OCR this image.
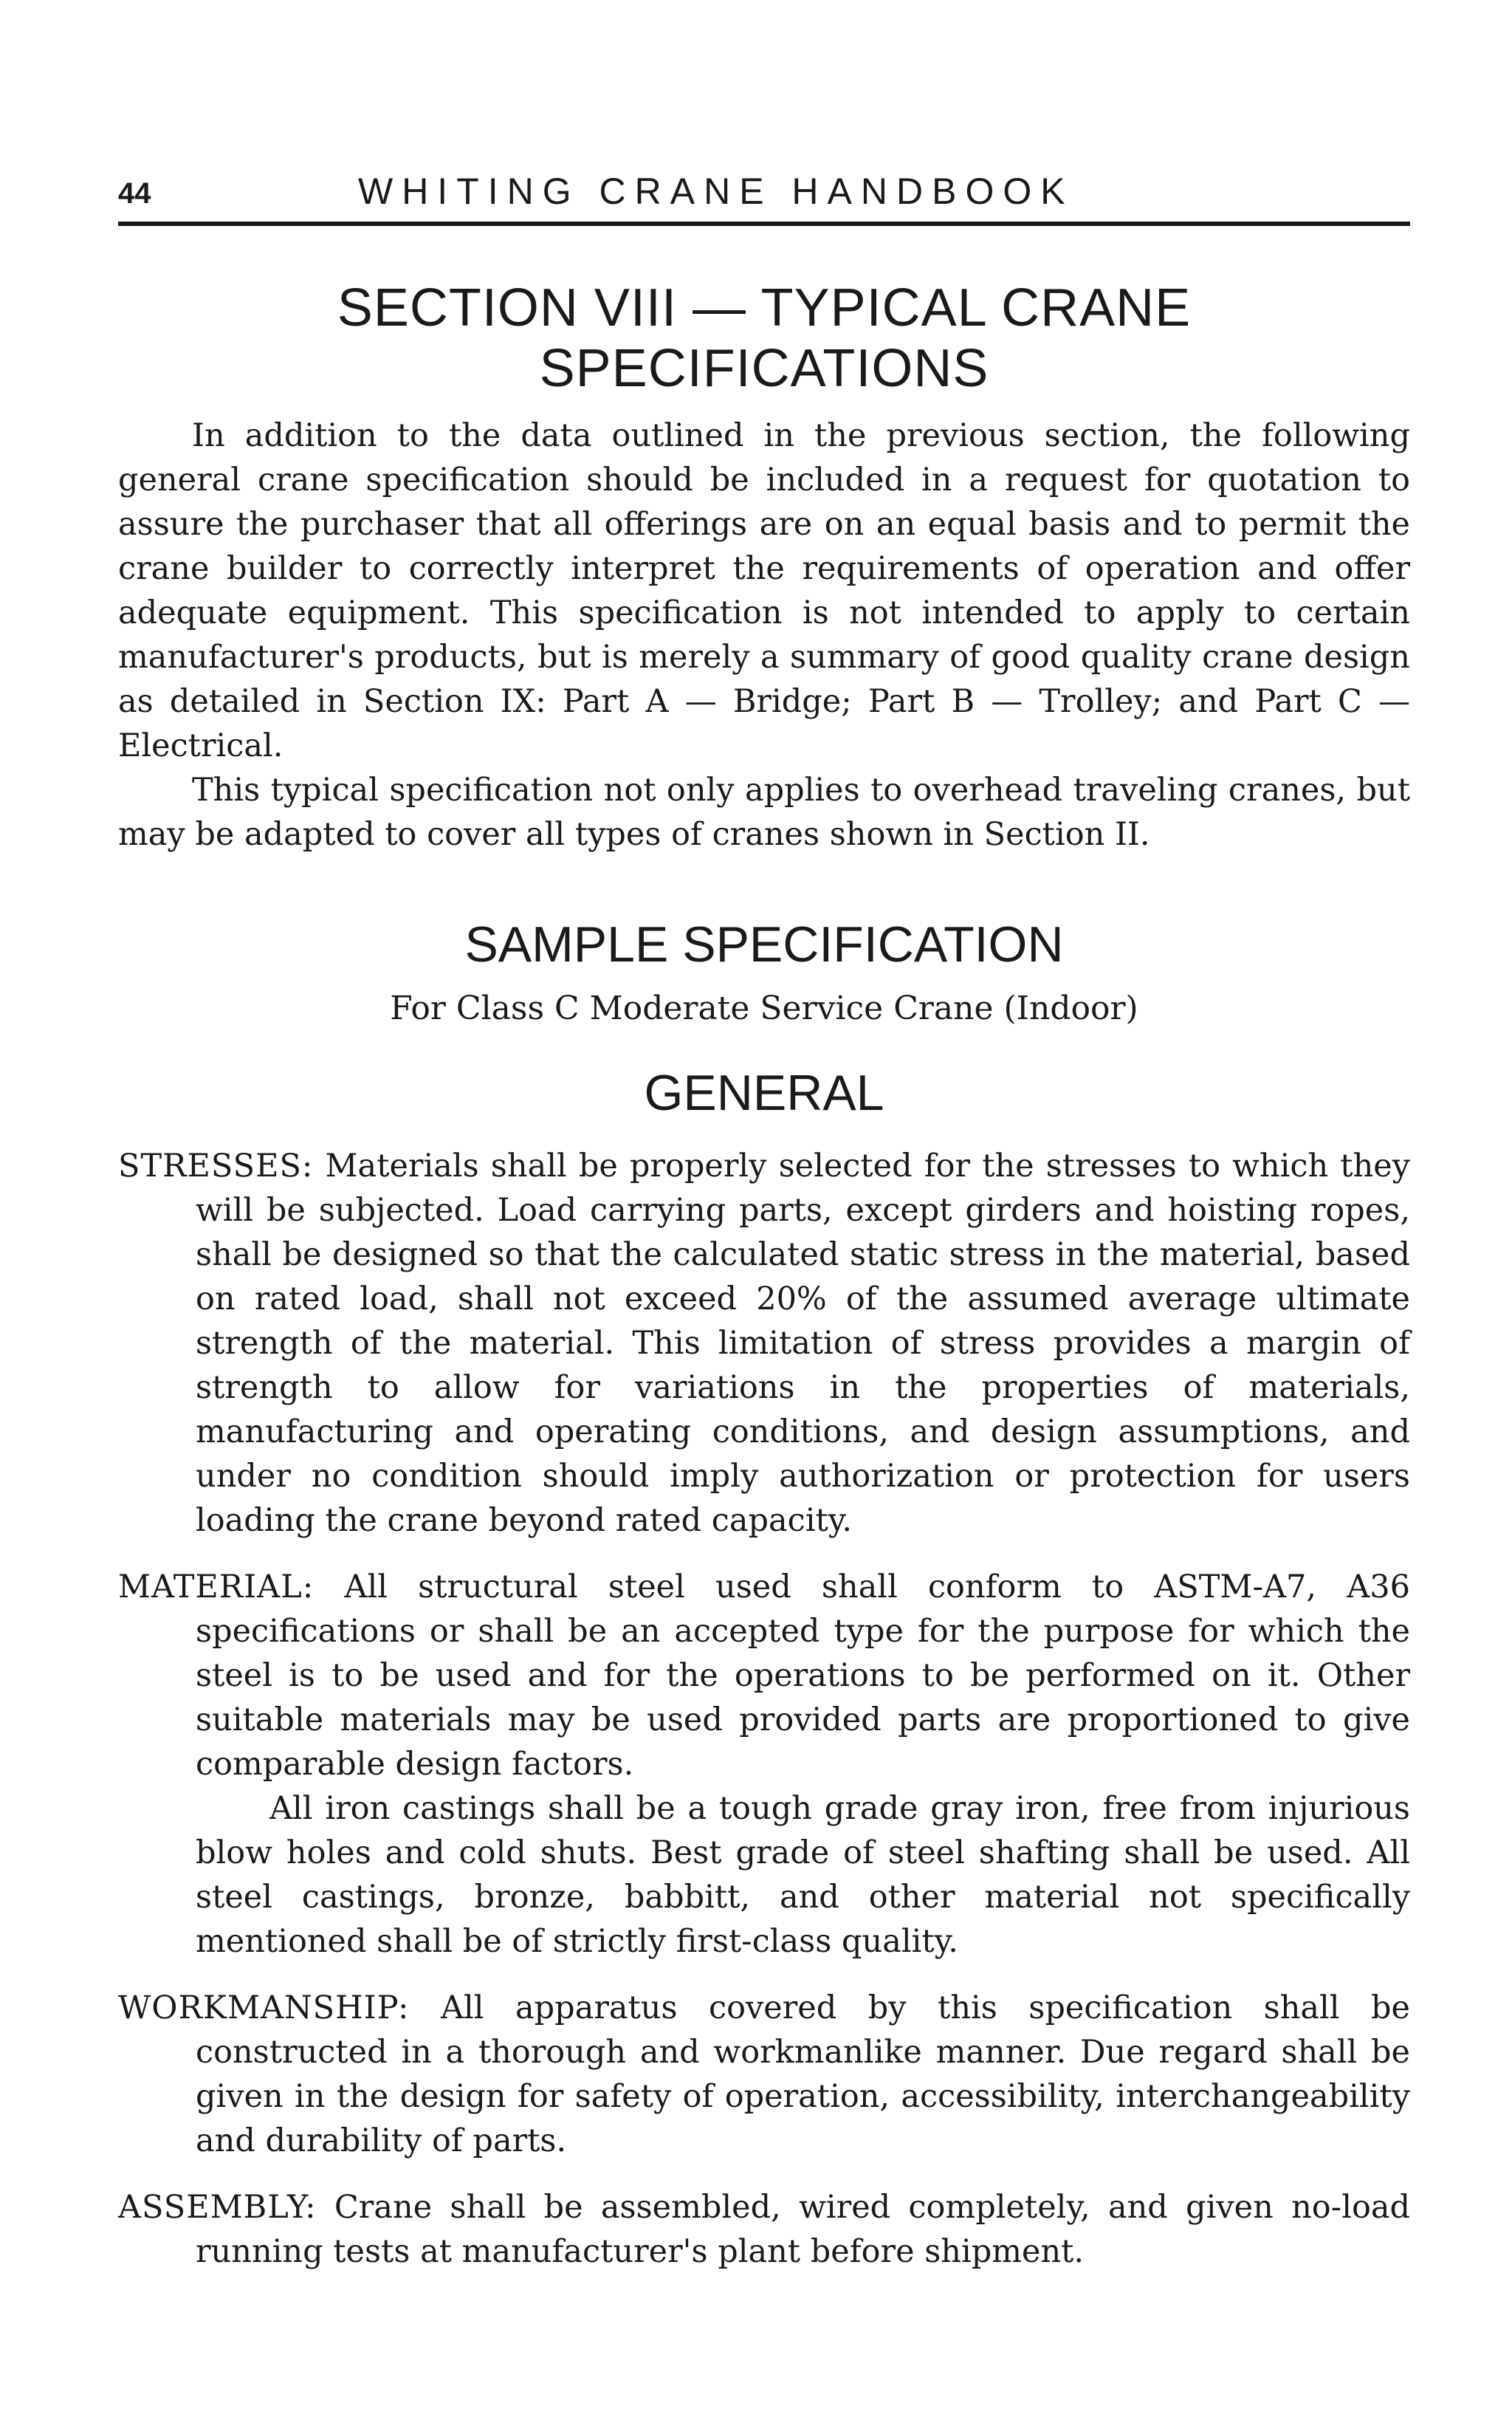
44	WHITING CRANE HANDBOOK
SECTION VIII — TYPICAL CRANE SPECIFICATIONS

In addition to the data outlined in the previous section, the following general crane specification should be included in a request for quotation to assure the purchaser that all offerings are on an equal basis and to permit the crane builder to correctly interpret the requirements of operation and offer adequate equipment. This specification is not intended to apply to certain manufacturer's products, but is merely a summary of good quality crane design as detailed in Section IX: Part A — Bridge; Part B — Trolley; and Part C — Electrical.

This typical specification not only applies to overhead traveling cranes, but may be adapted to cover all types of cranes shown in Section II.

SAMPLE SPECIFICATION
For Class C Moderate Service Crane (Indoor)
GENERAL

STRESSES: Materials shall be properly selected for the stresses to which they will be subjected. Load carrying parts, except girders and hoisting ropes, shall be designed so that the calculated static stress in the material, based on rated load, shall not exceed 20% of the assumed average ultimate strength of the material. This limitation of stress provides a margin of strength to allow for variations in the properties of materials, manufacturing and operating conditions, and design assumptions, and under no condition should imply authorization or protection for users loading the crane beyond rated capacity.

MATERIAL: All structural steel used shall conform to ASTM-A7, A36 specifications or shall be an accepted type for the purpose for which the steel is to be used and for the operations to be performed on it. Other suitable materials may be used provided parts are proportioned to give comparable design factors.

All iron castings shall be a tough grade gray iron, free from injurious blow holes and cold shuts. Best grade of steel shafting shall be used. All steel castings, bronze, babbitt, and other material not specifically mentioned shall be of strictly first-class quality.

WORKMANSHIP: All apparatus covered by this specification shall be constructed in a thorough and workmanlike manner. Due regard shall be given in the design for safety of operation, accessibility, interchangeability and durability of parts.

ASSEMBLY: Crane shall be assembled, wired completely, and given no-load running tests at manufacturer's plant before shipment.
